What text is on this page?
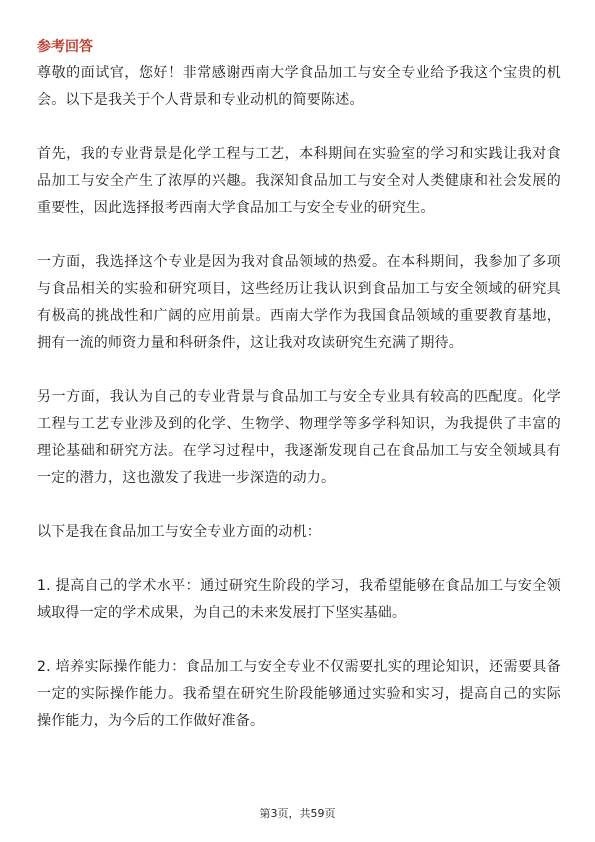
参考回答

尊敬的面试官，您好！非常感谢西南大学食品加工与安全专业给予我这个宝贵的机会。以下是我关于个人背景和专业动机的简要陈述。

首先，我的专业背景是化学工程与工艺，本科期间在实验室的学习和实践让我对食品加工与安全产生了浓厚的兴趣。我深知食品加工与安全对人类健康和社会发展的重要性，因此选择报考西南大学食品加工与安全专业的研究生。

一方面，我选择这个专业是因为我对食品领域的热爱。在本科期间，我参加了多项与食品相关的实验和研究项目，这些经历让我认识到食品加工与安全领域的研究具有极高的挑战性和广阔的应用前景。西南大学作为我国食品领域的重要教育基地，拥有一流的师资力量和科研条件，这让我对攻读研究生充满了期待。

另一方面，我认为自己的专业背景与食品加工与安全专业具有较高的匹配度。化学工程与工艺专业涉及到的化学、生物学、物理学等多学科知识，为我提供了丰富的理论基础和研究方法。在学习过程中，我逐渐发现自己在食品加工与安全领域具有一定的潜力，这也激发了我进一步深造的动力。

以下是我在食品加工与安全专业方面的动机：

1. 提高自己的学术水平：通过研究生阶段的学习，我希望能够在食品加工与安全领域取得一定的学术成果，为自己的未来发展打下坚实基础。

2. 培养实际操作能力：食品加工与安全专业不仅需要扎实的理论知识，还需要具备一定的实际操作能力。我希望在研究生阶段能够通过实验和实习，提高自己的实际操作能力，为今后的工作做好准备。

第3页，共59页
